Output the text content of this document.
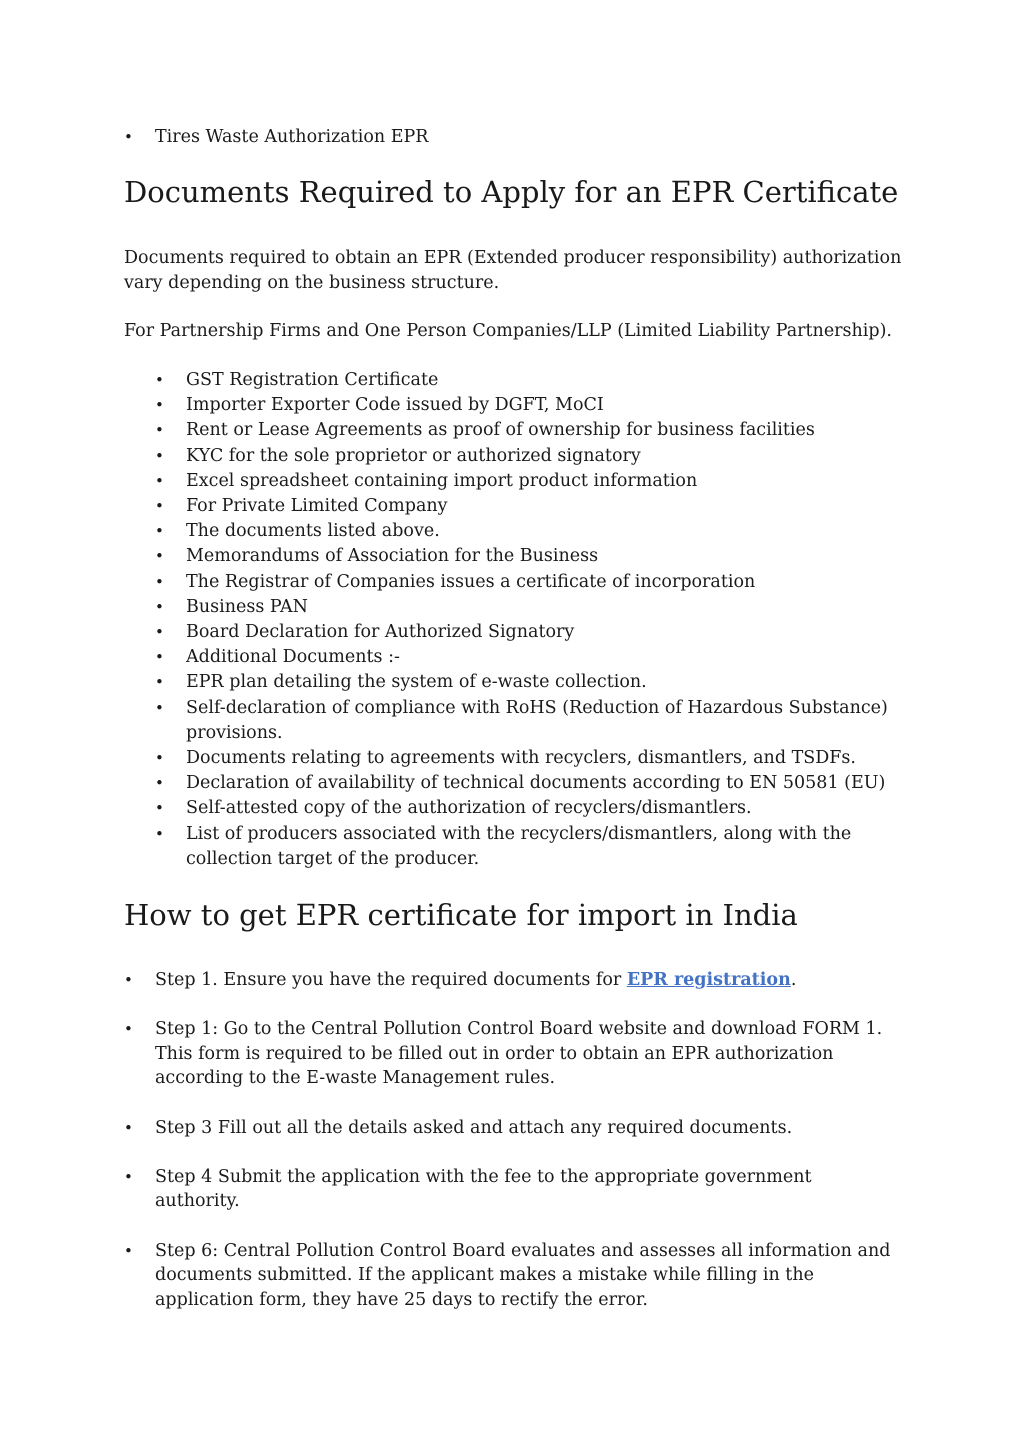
• Tires Waste Authorization EPR
Documents Required to Apply for an EPR Certificate

Documents required to obtain an EPR (Extended producer responsibility) authorization vary depending on the business structure.

For Partnership Firms and One Person Companies/LLP (Limited Liability Partnership).

• GST Registration Certificate
• Importer Exporter Code issued by DGFT, MoCI
• Rent or Lease Agreements as proof of ownership for business facilities
• KYC for the sole proprietor or authorized signatory
• Excel spreadsheet containing import product information
• For Private Limited Company
• The documents listed above.
• Memorandums of Association for the Business
• The Registrar of Companies issues a certificate of incorporation
• Business PAN
• Board Declaration for Authorized Signatory
• Additional Documents :-
• EPR plan detailing the system of e-waste collection.
• Self-declaration of compliance with RoHS (Reduction of Hazardous Substance) provisions.
• Documents relating to agreements with recyclers, dismantlers, and TSDFs.
• Declaration of availability of technical documents according to EN 50581 (EU)
• Self-attested copy of the authorization of recyclers/dismantlers.
• List of producers associated with the recyclers/dismantlers, along with the collection target of the producer.
How to get EPR certificate for import in India
• Step 1. Ensure you have the required documents for EPR registration.
• Step 1: Go to the Central Pollution Control Board website and download FORM 1. This form is required to be filled out in order to obtain an EPR authorization according to the E-waste Management rules.
• Step 3 Fill out all the details asked and attach any required documents.
• Step 4 Submit the application with the fee to the appropriate government authority.
• Step 6: Central Pollution Control Board evaluates and assesses all information and documents submitted. If the applicant makes a mistake while filling in the application form, they have 25 days to rectify the error.
